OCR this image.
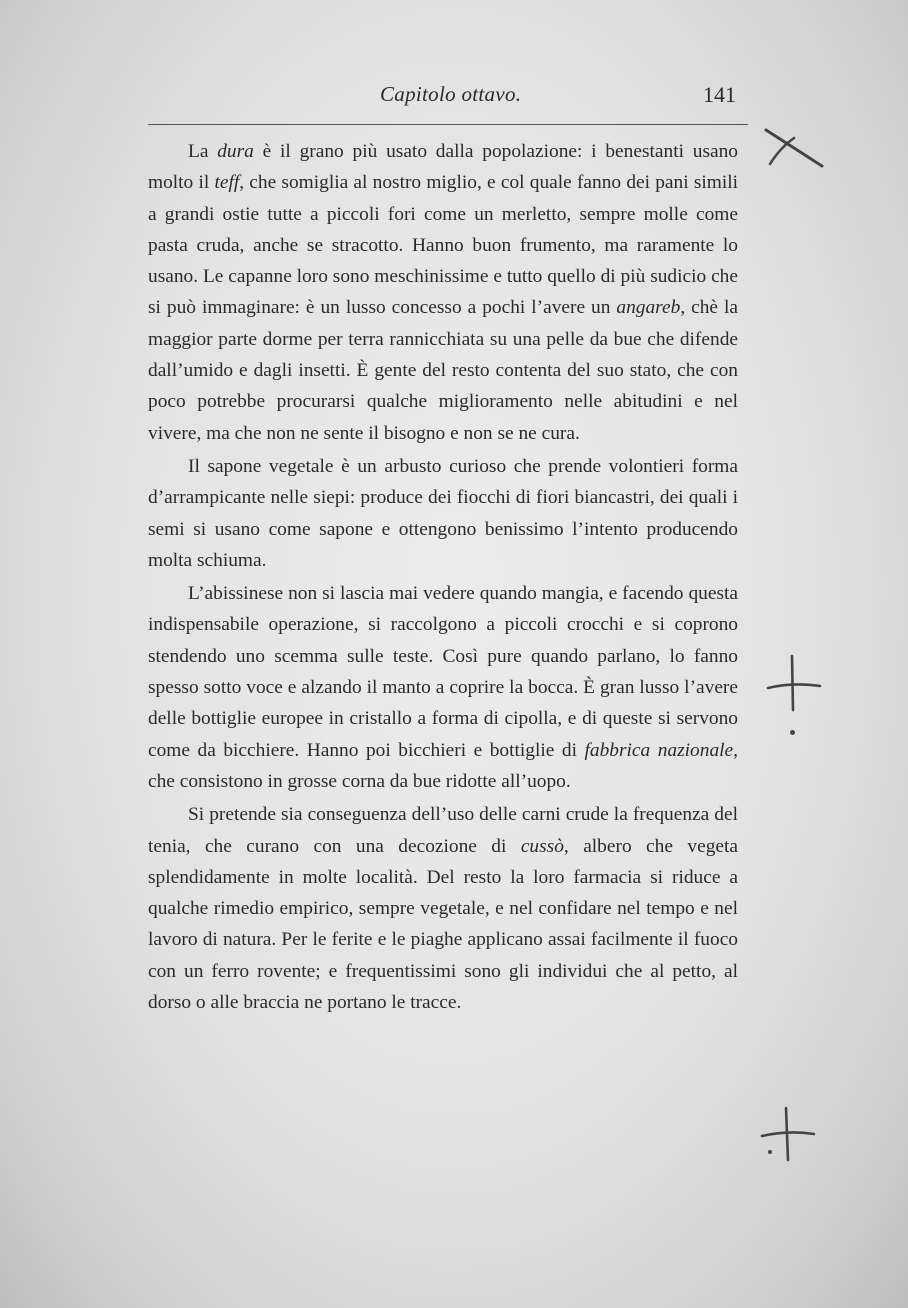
Capitolo ottavo.	141

La dura è il grano più usato dalla popolazione: i benestanti usano molto il teff, che somiglia al nostro miglio, e col quale fanno dei pani simili a grandi ostie tutte a piccoli fori come un merletto, sempre molle come pasta cruda, anche se stracotto. Hanno buon frumento, ma raramente lo usano. Le capanne loro sono meschinissime e tutto quello di più sudicio che si può immaginare: è un lusso concesso a pochi l’avere un angareb, chè la maggior parte dorme per terra rannicchiata su una pelle da bue che difende dall’umido e dagli insetti. È gente del resto contenta del suo stato, che con poco potrebbe procurarsi qualche miglioramento nelle abitudini e nel vivere, ma che non ne sente il bisogno e non se ne cura.

Il sapone vegetale è un arbusto curioso che prende volontieri forma d’arrampicante nelle siepi: produce dei fiocchi di fiori biancastri, dei quali i semi si usano come sapone e ottengono benissimo l’intento producendo molta schiuma.

L’abissinese non si lascia mai vedere quando mangia, e facendo questa indispensabile operazione, si raccolgono a piccoli crocchi e si coprono stendendo uno scemma sulle teste. Così pure quando parlano, lo fanno spesso sotto voce e alzando il manto a coprire la bocca. È gran lusso l’avere delle bottiglie europee in cristallo a forma di cipolla, e di queste si servono come da bicchiere. Hanno poi bicchieri e bottiglie di fabbrica nazionale, che consistono in grosse corna da bue ridotte all’uopo.

Si pretende sia conseguenza dell’uso delle carni crude la frequenza del tenia, che curano con una decozione di cussò, albero che vegeta splendidamente in molte località. Del resto la loro farmacia si riduce a qualche rimedio empirico, sempre vegetale, e nel confidare nel tempo e nel lavoro di natura. Per le ferite e le piaghe applicano assai facilmente il fuoco con un ferro rovente; e frequentissimi sono gli individui che al petto, al dorso o alle braccia ne portano le tracce.
